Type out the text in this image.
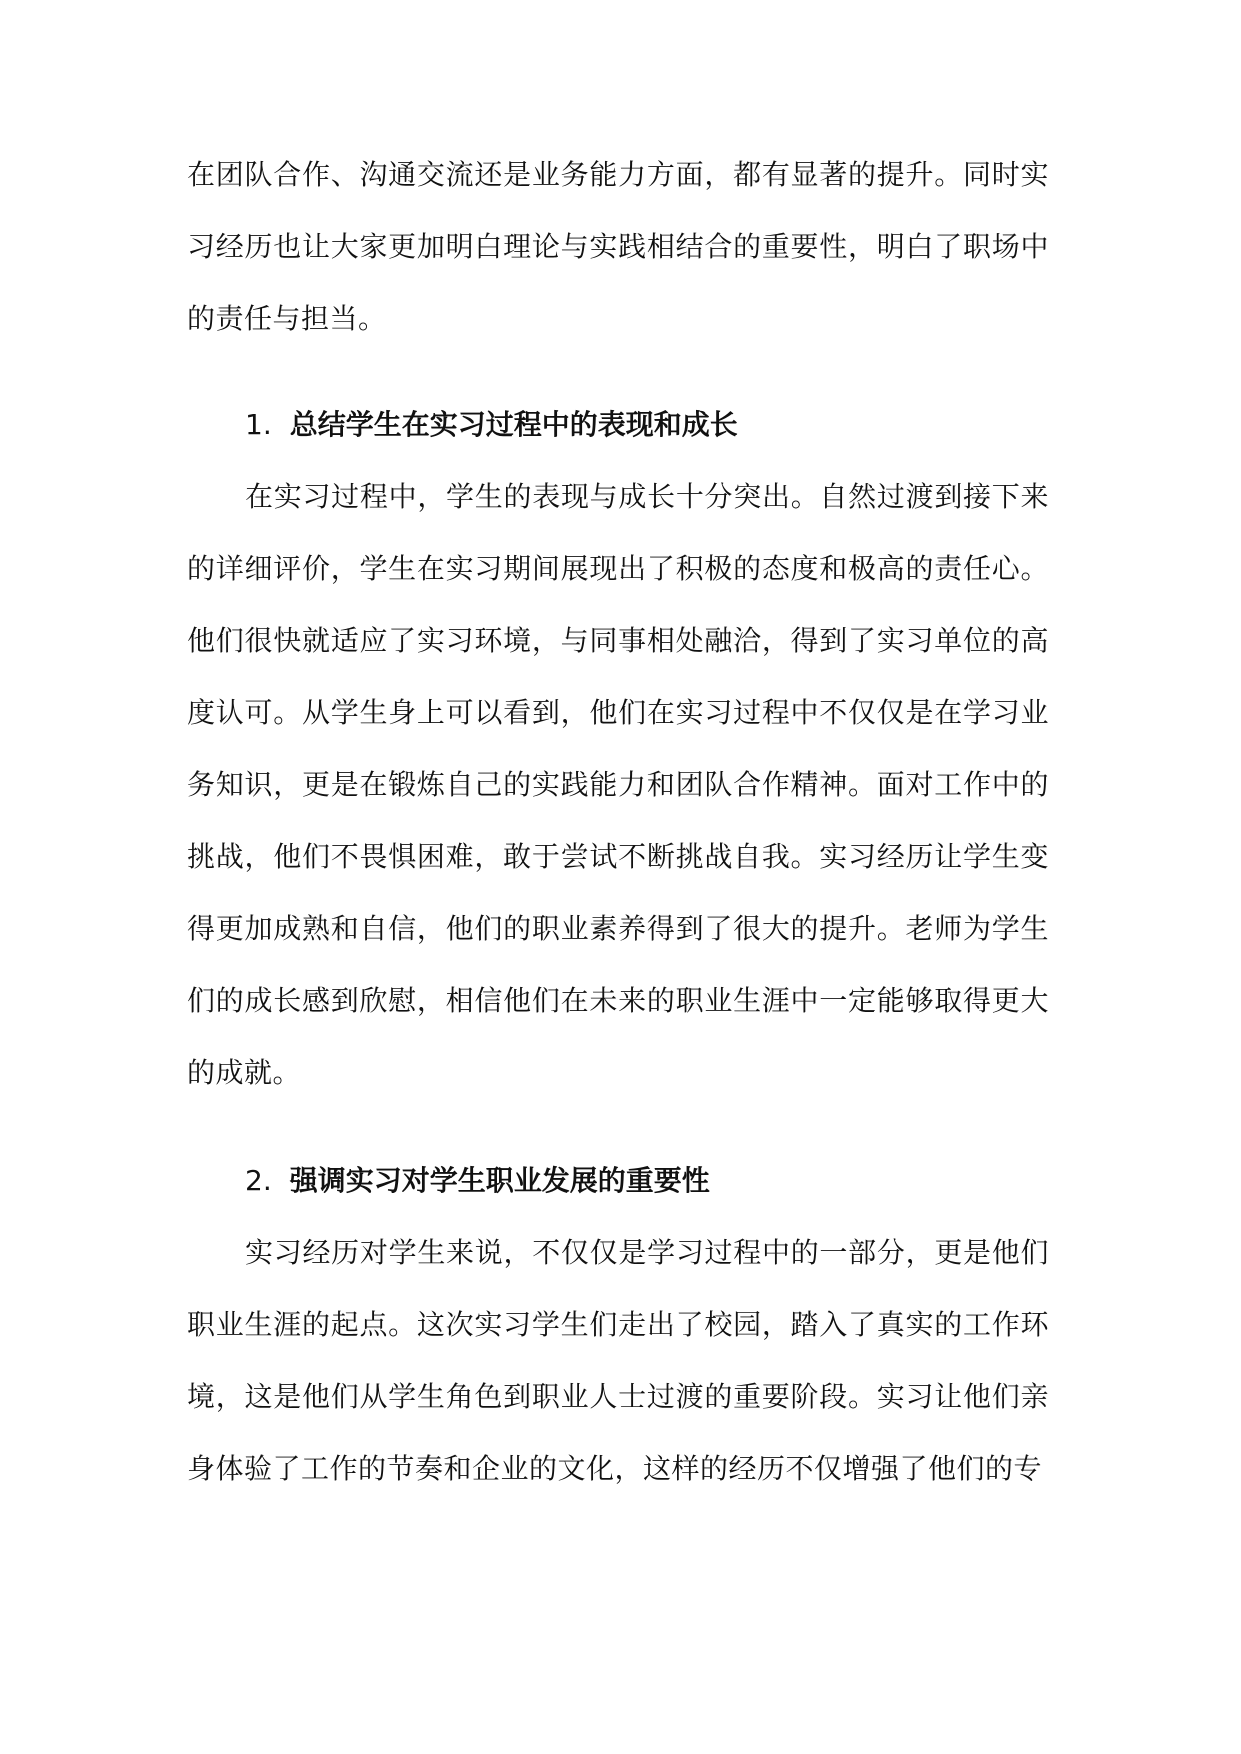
在团队合作、沟通交流还是业务能力方面，都有显著的提升。同时实习经历也让大家更加明白理论与实践相结合的重要性，明白了职场中的责任与担当。

1. 总结学生在实习过程中的表现和成长

在实习过程中，学生的表现与成长十分突出。自然过渡到接下来的详细评价，学生在实习期间展现出了积极的态度和极高的责任心。他们很快就适应了实习环境，与同事相处融洽，得到了实习单位的高度认可。从学生身上可以看到，他们在实习过程中不仅仅是在学习业务知识，更是在锻炼自己的实践能力和团队合作精神。面对工作中的挑战，他们不畏惧困难，敢于尝试不断挑战自我。实习经历让学生变得更加成熟和自信，他们的职业素养得到了很大的提升。老师为学生们的成长感到欣慰，相信他们在未来的职业生涯中一定能够取得更大的成就。

2. 强调实习对学生职业发展的重要性

实习经历对学生来说，不仅仅是学习过程中的一部分，更是他们职业生涯的起点。这次实习学生们走出了校园，踏入了真实的工作环境，这是他们从学生角色到职业人士过渡的重要阶段。实习让他们亲身体验了工作的节奏和企业的文化，这样的经历不仅增强了他们的专
